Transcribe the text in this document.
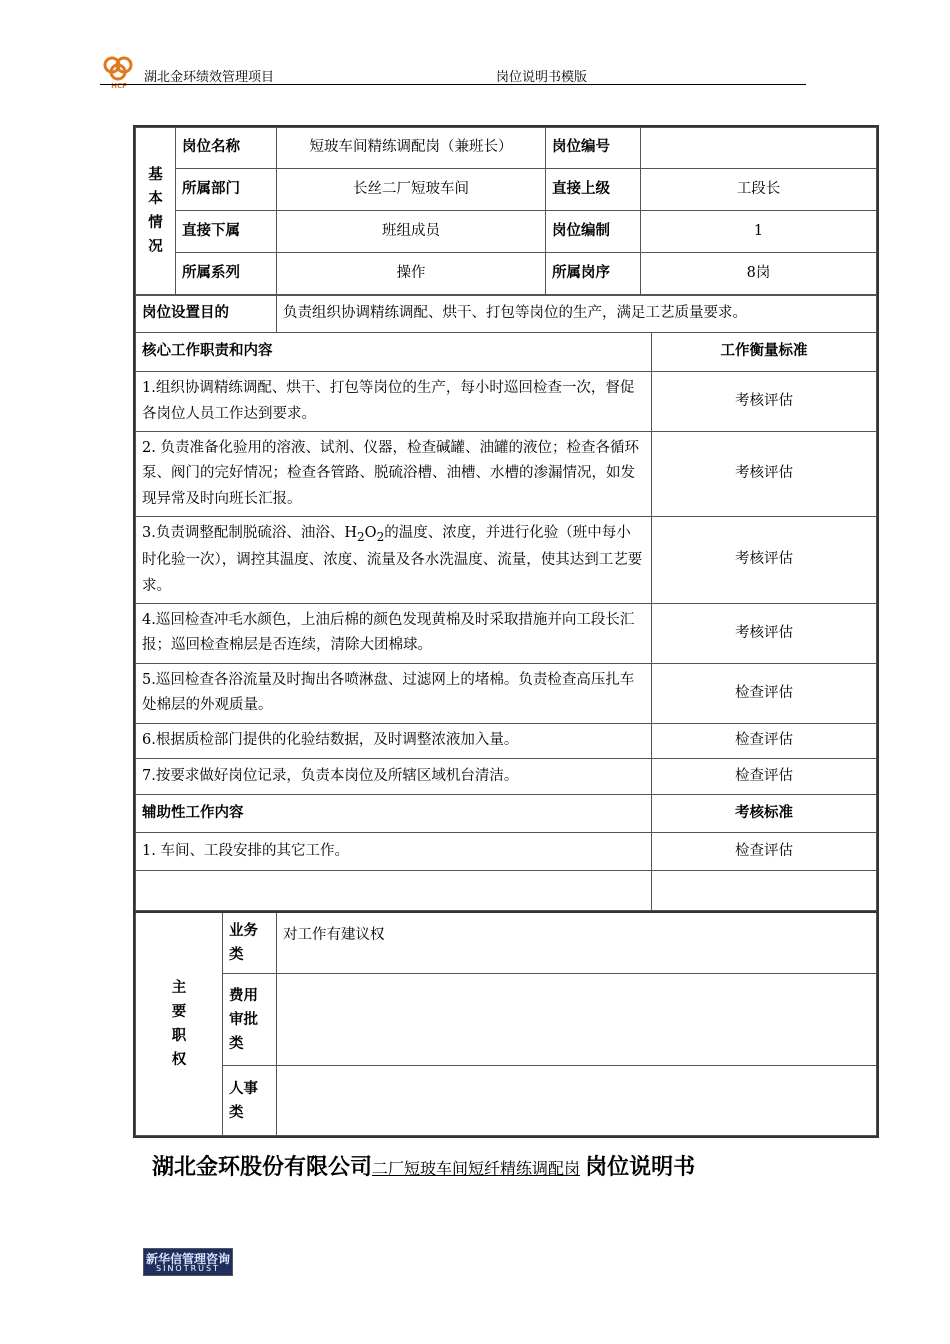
HCF
湖北金环绩效管理项目	岗位说明书模版
基
本
情
况	岗位名称	短玻车间精练调配岗（兼班长）	岗位编号	
	所属部门	长丝二厂短玻车间	直接上级	工段长
	直接下属	班组成员	岗位编制	1
	所属系列	操作	所属岗序	8岗
岗位设置目的	负责组织协调精练调配、烘干、打包等岗位的生产，满足工艺质量要求。	
核心工作职责和内容		工作衡量标准
1.组织协调精练调配、烘干、打包等岗位的生产，每小时巡回检查一次，督促各岗位人员工作达到要求。		考核评估
2. 负责准备化验用的溶液、试剂、仪器，检查碱罐、油罐的液位；检查各循环泵、阀门的完好情况；检查各管路、脱硫浴槽、油槽、水槽的渗漏情况，如发现异常及时向班长汇报。		考核评估
3.负责调整配制脱硫浴、油浴、$H_2O_2$的温度、浓度，并进行化验（班中每小时化验一次），调控其温度、浓度、流量及各水洗温度、流量，使其达到工艺要求。		考核评估
4.巡回检查冲毛水颜色，上油后棉的颜色发现黄棉及时采取措施并向工段长汇报；巡回检查棉层是否连续，清除大团棉球。		考核评估
5.巡回检查各浴流量及时掏出各喷淋盘、过滤网上的堵棉。负责检查高压扎车处棉层的外观质量。		检查评估
6.根据质检部门提供的化验结数据，及时调整浓液加入量。		检查评估
7.按要求做好岗位记录，负责本岗位及所辖区域机台清洁。		检查评估
辅助性工作内容		考核标准
1. 车间、工段安排的其它工作。		检查评估

主
要
职
权	业务类	对工作有建议权
	费用审批类	
	人事类	
湖北金环股份有限公司二厂短玻车间短纤精练调配岗 岗位说明书
新华信管理咨询
SINOTRUST
